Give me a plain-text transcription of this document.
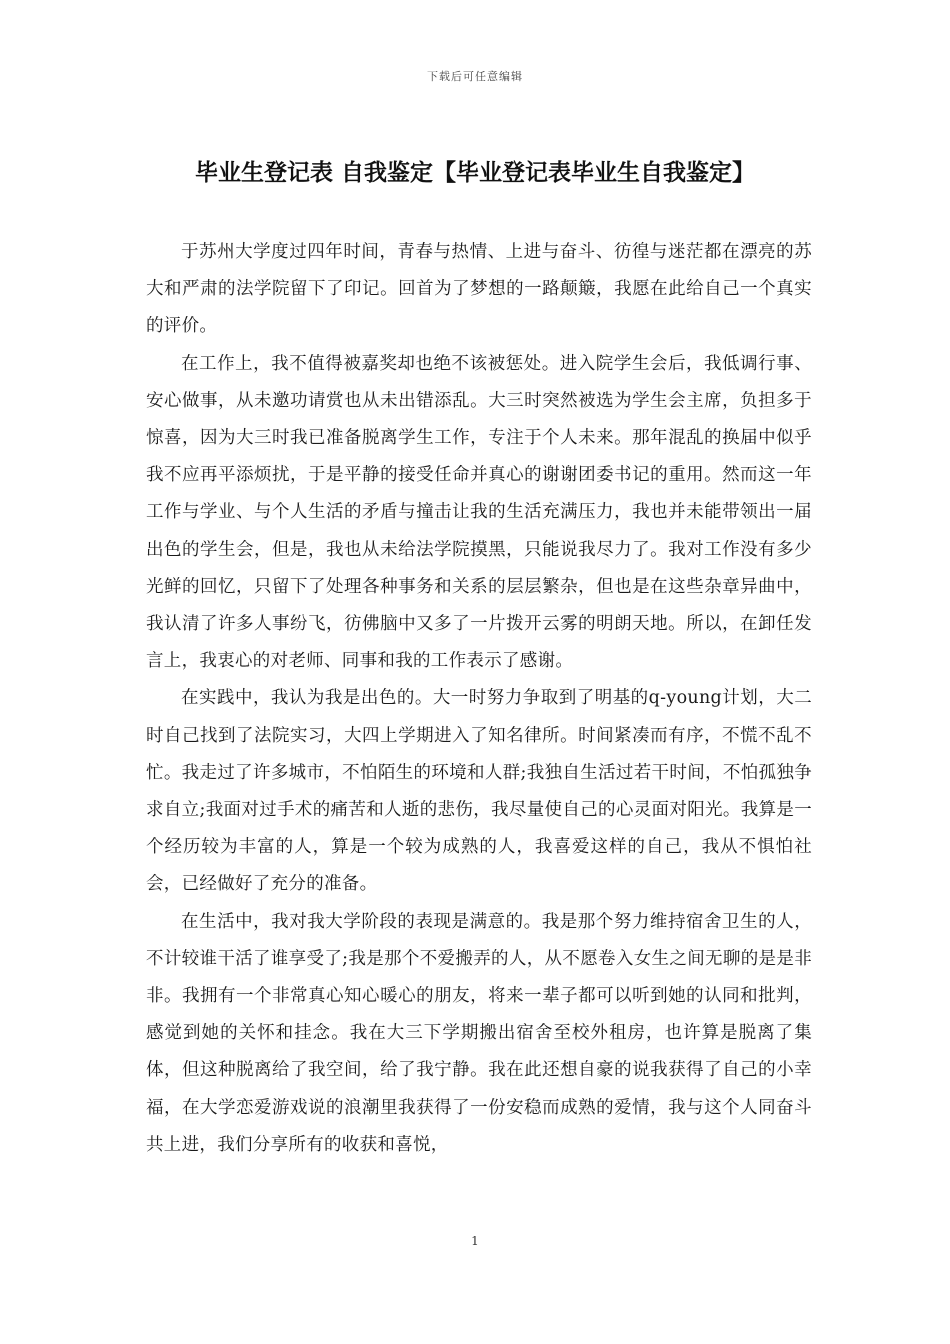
下载后可任意编辑
毕业生登记表 自我鉴定【毕业登记表毕业生自我鉴定】

于苏州大学度过四年时间，青春与热情、上进与奋斗、彷徨与迷茫都在漂亮的苏大和严肃的法学院留下了印记。回首为了梦想的一路颠簸，我愿在此给自己一个真实的评价。

在工作上，我不值得被嘉奖却也绝不该被惩处。进入院学生会后，我低调行事、安心做事，从未邀功请赏也从未出错添乱。大三时突然被选为学生会主席，负担多于惊喜，因为大三时我已准备脱离学生工作，专注于个人未来。那年混乱的换届中似乎我不应再平添烦扰，于是平静的接受任命并真心的谢谢团委书记的重用。然而这一年工作与学业、与个人生活的矛盾与撞击让我的生活充满压力，我也并未能带领出一届出色的学生会，但是，我也从未给法学院摸黑，只能说我尽力了。我对工作没有多少光鲜的回忆，只留下了处理各种事务和关系的层层繁杂，但也是在这些杂章异曲中，我认清了许多人事纷飞，彷佛脑中又多了一片拨开云雾的明朗天地。所以，在卸任发言上，我衷心的对老师、同事和我的工作表示了感谢。

在实践中，我认为我是出色的。大一时努力争取到了明基的q-young计划，大二时自己找到了法院实习，大四上学期进入了知名律所。时间紧凑而有序，不慌不乱不忙。我走过了许多城市，不怕陌生的环境和人群;我独自生活过若干时间，不怕孤独争求自立;我面对过手术的痛苦和人逝的悲伤，我尽量使自己的心灵面对阳光。我算是一个经历较为丰富的人，算是一个较为成熟的人，我喜爱这样的自己，我从不惧怕社会，已经做好了充分的准备。

在生活中，我对我大学阶段的表现是满意的。我是那个努力维持宿舍卫生的人，不计较谁干活了谁享受了;我是那个不爱搬弄的人，从不愿卷入女生之间无聊的是是非非。我拥有一个非常真心知心暖心的朋友，将来一辈子都可以听到她的认同和批判，感觉到她的关怀和挂念。我在大三下学期搬出宿舍至校外租房，也许算是脱离了集体，但这种脱离给了我空间，给了我宁静。我在此还想自豪的说我获得了自己的小幸福，在大学恋爱游戏说的浪潮里我获得了一份安稳而成熟的爱情，我与这个人同奋斗共上进，我们分享所有的收获和喜悦，

1
